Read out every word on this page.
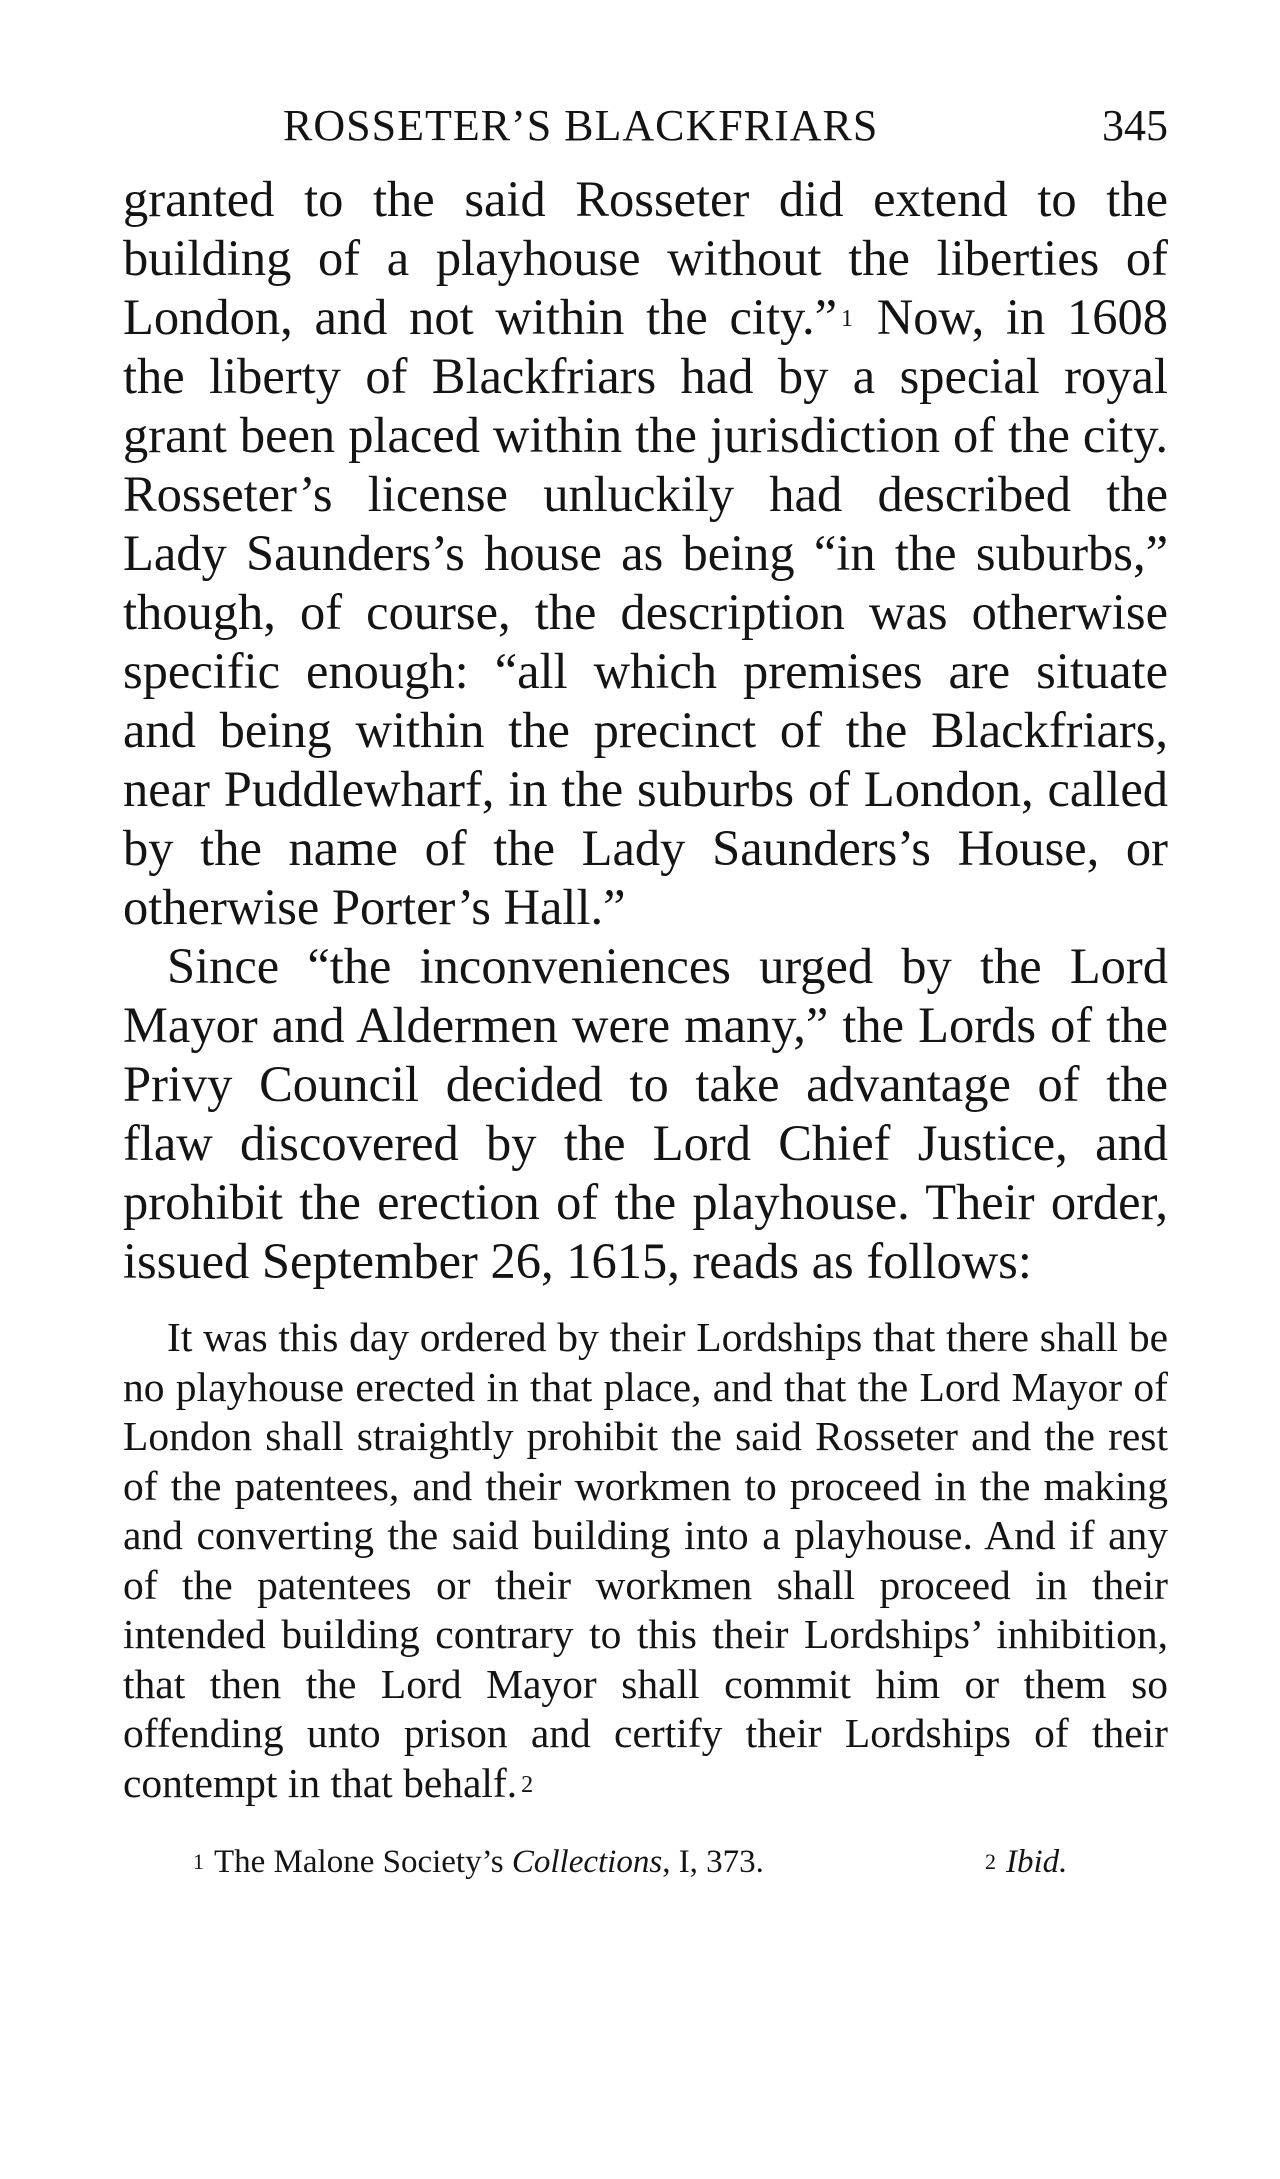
ROSSETER’S BLACKFRIARS	345

granted to the said Rosseter did extend to the building of a playhouse without the liberties of London, and not within the city.” $^1$ Now, in 1608 the liberty of Blackfriars had by a special royal grant been placed within the jurisdiction of the city. Rosseter’s license unluckily had described the Lady Saunders’s house as being “in the suburbs,” though, of course, the description was otherwise specific enough: “all which premises are situate and being within the precinct of the Blackfriars, near Puddlewharf, in the suburbs of London, called by the name of the Lady Saunders’s House, or otherwise Porter’s Hall.”

Since “the inconveniences urged by the Lord Mayor and Aldermen were many,” the Lords of the Privy Council decided to take advantage of the flaw discovered by the Lord Chief Justice, and prohibit the erection of the playhouse. Their order, issued September 26, 1615, reads as follows:

It was this day ordered by their Lordships that there shall be no playhouse erected in that place, and that the Lord Mayor of London shall straightly prohibit the said Rosseter and the rest of the patentees, and their workmen to proceed in the making and converting the said building into a playhouse. And if any of the patentees or their workmen shall proceed in their intended building contrary to this their Lordships’ inhibition, that then the Lord Mayor shall commit him or them so offending unto prison and certify their Lordships of their contempt in that behalf. $^2$
$^1$ The Malone Society’s Collections, I, 373.	$^2$ Ibid.
